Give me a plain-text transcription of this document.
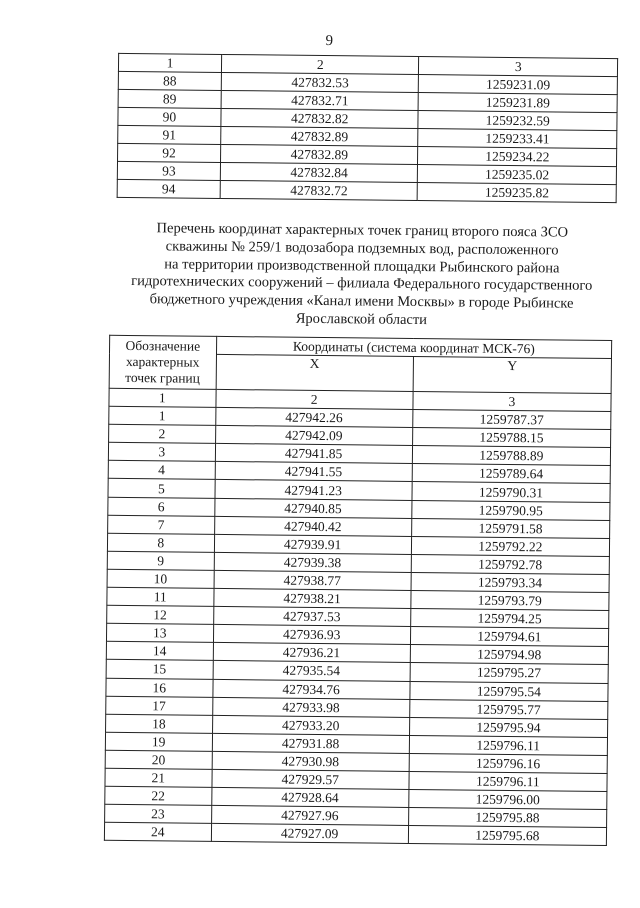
9
1	2	3
88	427832.53	1259231.09
89	427832.71	1259231.89
90	427832.82	1259232.59
91	427832.89	1259233.41
92	427832.89	1259234.22
93	427832.84	1259235.02
94	427832.72	1259235.82
Перечень координат характерных точек границ второго пояса ЗСО
скважины № 259/1 водозабора подземных вод, расположенного
на территории производственной площадки Рыбинского района
гидротехнических сооружений – филиала Федерального государственного
бюджетного учреждения «Канал имени Москвы» в городе Рыбинске
Ярославской области
Обозначение характерных точек границ	Координаты (система координат МСК-76)	
	X	Y
1	2	3
1	427942.26	1259787.37
2	427942.09	1259788.15
3	427941.85	1259788.89
4	427941.55	1259789.64
5	427941.23	1259790.31
6	427940.85	1259790.95
7	427940.42	1259791.58
8	427939.91	1259792.22
9	427939.38	1259792.78
10	427938.77	1259793.34
11	427938.21	1259793.79
12	427937.53	1259794.25
13	427936.93	1259794.61
14	427936.21	1259794.98
15	427935.54	1259795.27
16	427934.76	1259795.54
17	427933.98	1259795.77
18	427933.20	1259795.94
19	427931.88	1259796.11
20	427930.98	1259796.16
21	427929.57	1259796.11
22	427928.64	1259796.00
23	427927.96	1259795.88
24	427927.09	1259795.68
